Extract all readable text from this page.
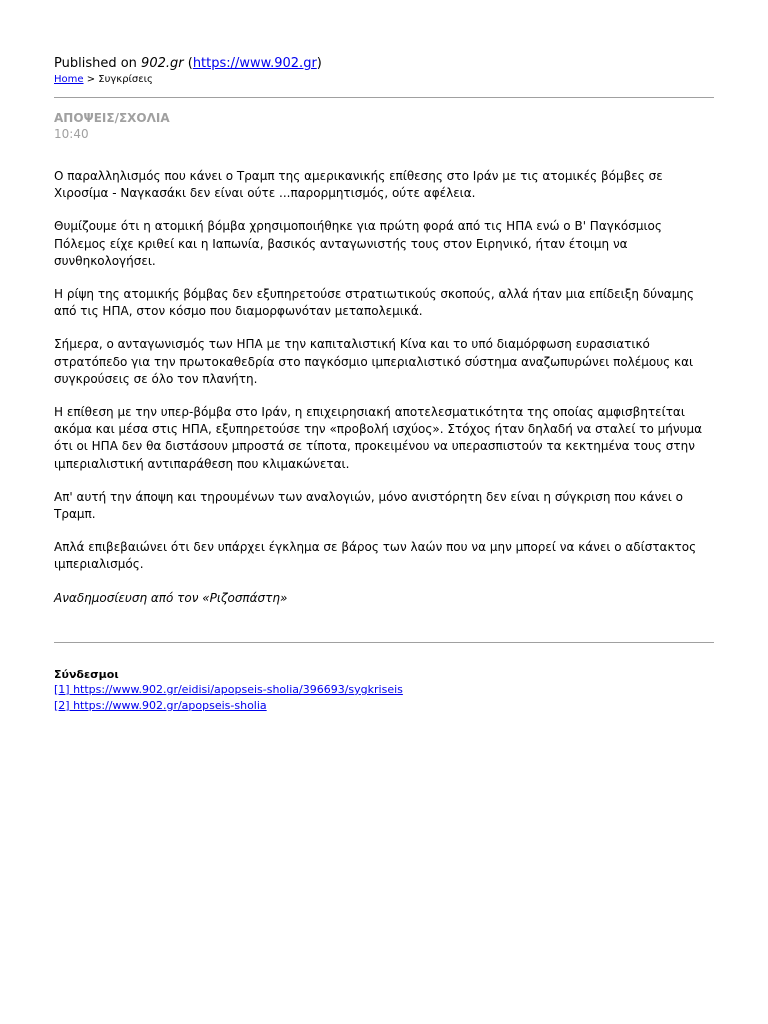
Published on 902.gr (https://www.902.gr)

Home > Συγκρίσεις

ΑΠΟΨΕΙΣ/ΣΧΟΛΙΑ
10:40

Ο παραλληλισμός που κάνει ο Τραμπ της αμερικανικής επίθεσης στο Ιράν με τις ατομικές βόμβες σε Χιροσίμα - Ναγκασάκι δεν είναι ούτε ...παρορμητισμός, ούτε αφέλεια.

Θυμίζουμε ότι η ατομική βόμβα χρησιμοποιήθηκε για πρώτη φορά από τις ΗΠΑ ενώ ο Β' Παγκόσμιος Πόλεμος είχε κριθεί και η Ιαπωνία, βασικός ανταγωνιστής τους στον Ειρηνικό, ήταν έτοιμη να συνθηκολογήσει.

Η ρίψη της ατομικής βόμβας δεν εξυπηρετούσε στρατιωτικούς σκοπούς, αλλά ήταν μια επίδειξη δύναμης από τις ΗΠΑ, στον κόσμο που διαμορφωνόταν μεταπολεμικά.

Σήμερα, ο ανταγωνισμός των ΗΠΑ με την καπιταλιστική Κίνα και το υπό διαμόρφωση ευρασιατικό στρατόπεδο για την πρωτοκαθεδρία στο παγκόσμιο ιμπεριαλιστικό σύστημα αναζωπυρώνει πολέμους και συγκρούσεις σε όλο τον πλανήτη.

Η επίθεση με την υπερ-βόμβα στο Ιράν, η επιχειρησιακή αποτελεσματικότητα της οποίας αμφισβητείται ακόμα και μέσα στις ΗΠΑ, εξυπηρετούσε την «προβολή ισχύος». Στόχος ήταν δηλαδή να σταλεί το μήνυμα ότι οι ΗΠΑ δεν θα διστάσουν μπροστά σε τίποτα, προκειμένου να υπερασπιστούν τα κεκτημένα τους στην ιμπεριαλιστική αντιπαράθεση που κλιμακώνεται.

Απ' αυτή την άποψη και τηρουμένων των αναλογιών, μόνο ανιστόρητη δεν είναι η σύγκριση που κάνει ο Τραμπ.

Απλά επιβεβαιώνει ότι δεν υπάρχει έγκλημα σε βάρος των λαών που να μην μπορεί να κάνει ο αδίστακτος ιμπεριαλισμός.

Αναδημοσίευση από τον «Ριζοσπάστη»

Σύνδεσμοι
[1] https://www.902.gr/eidisi/apopseis-sholia/396693/sygkriseis
[2] https://www.902.gr/apopseis-sholia
